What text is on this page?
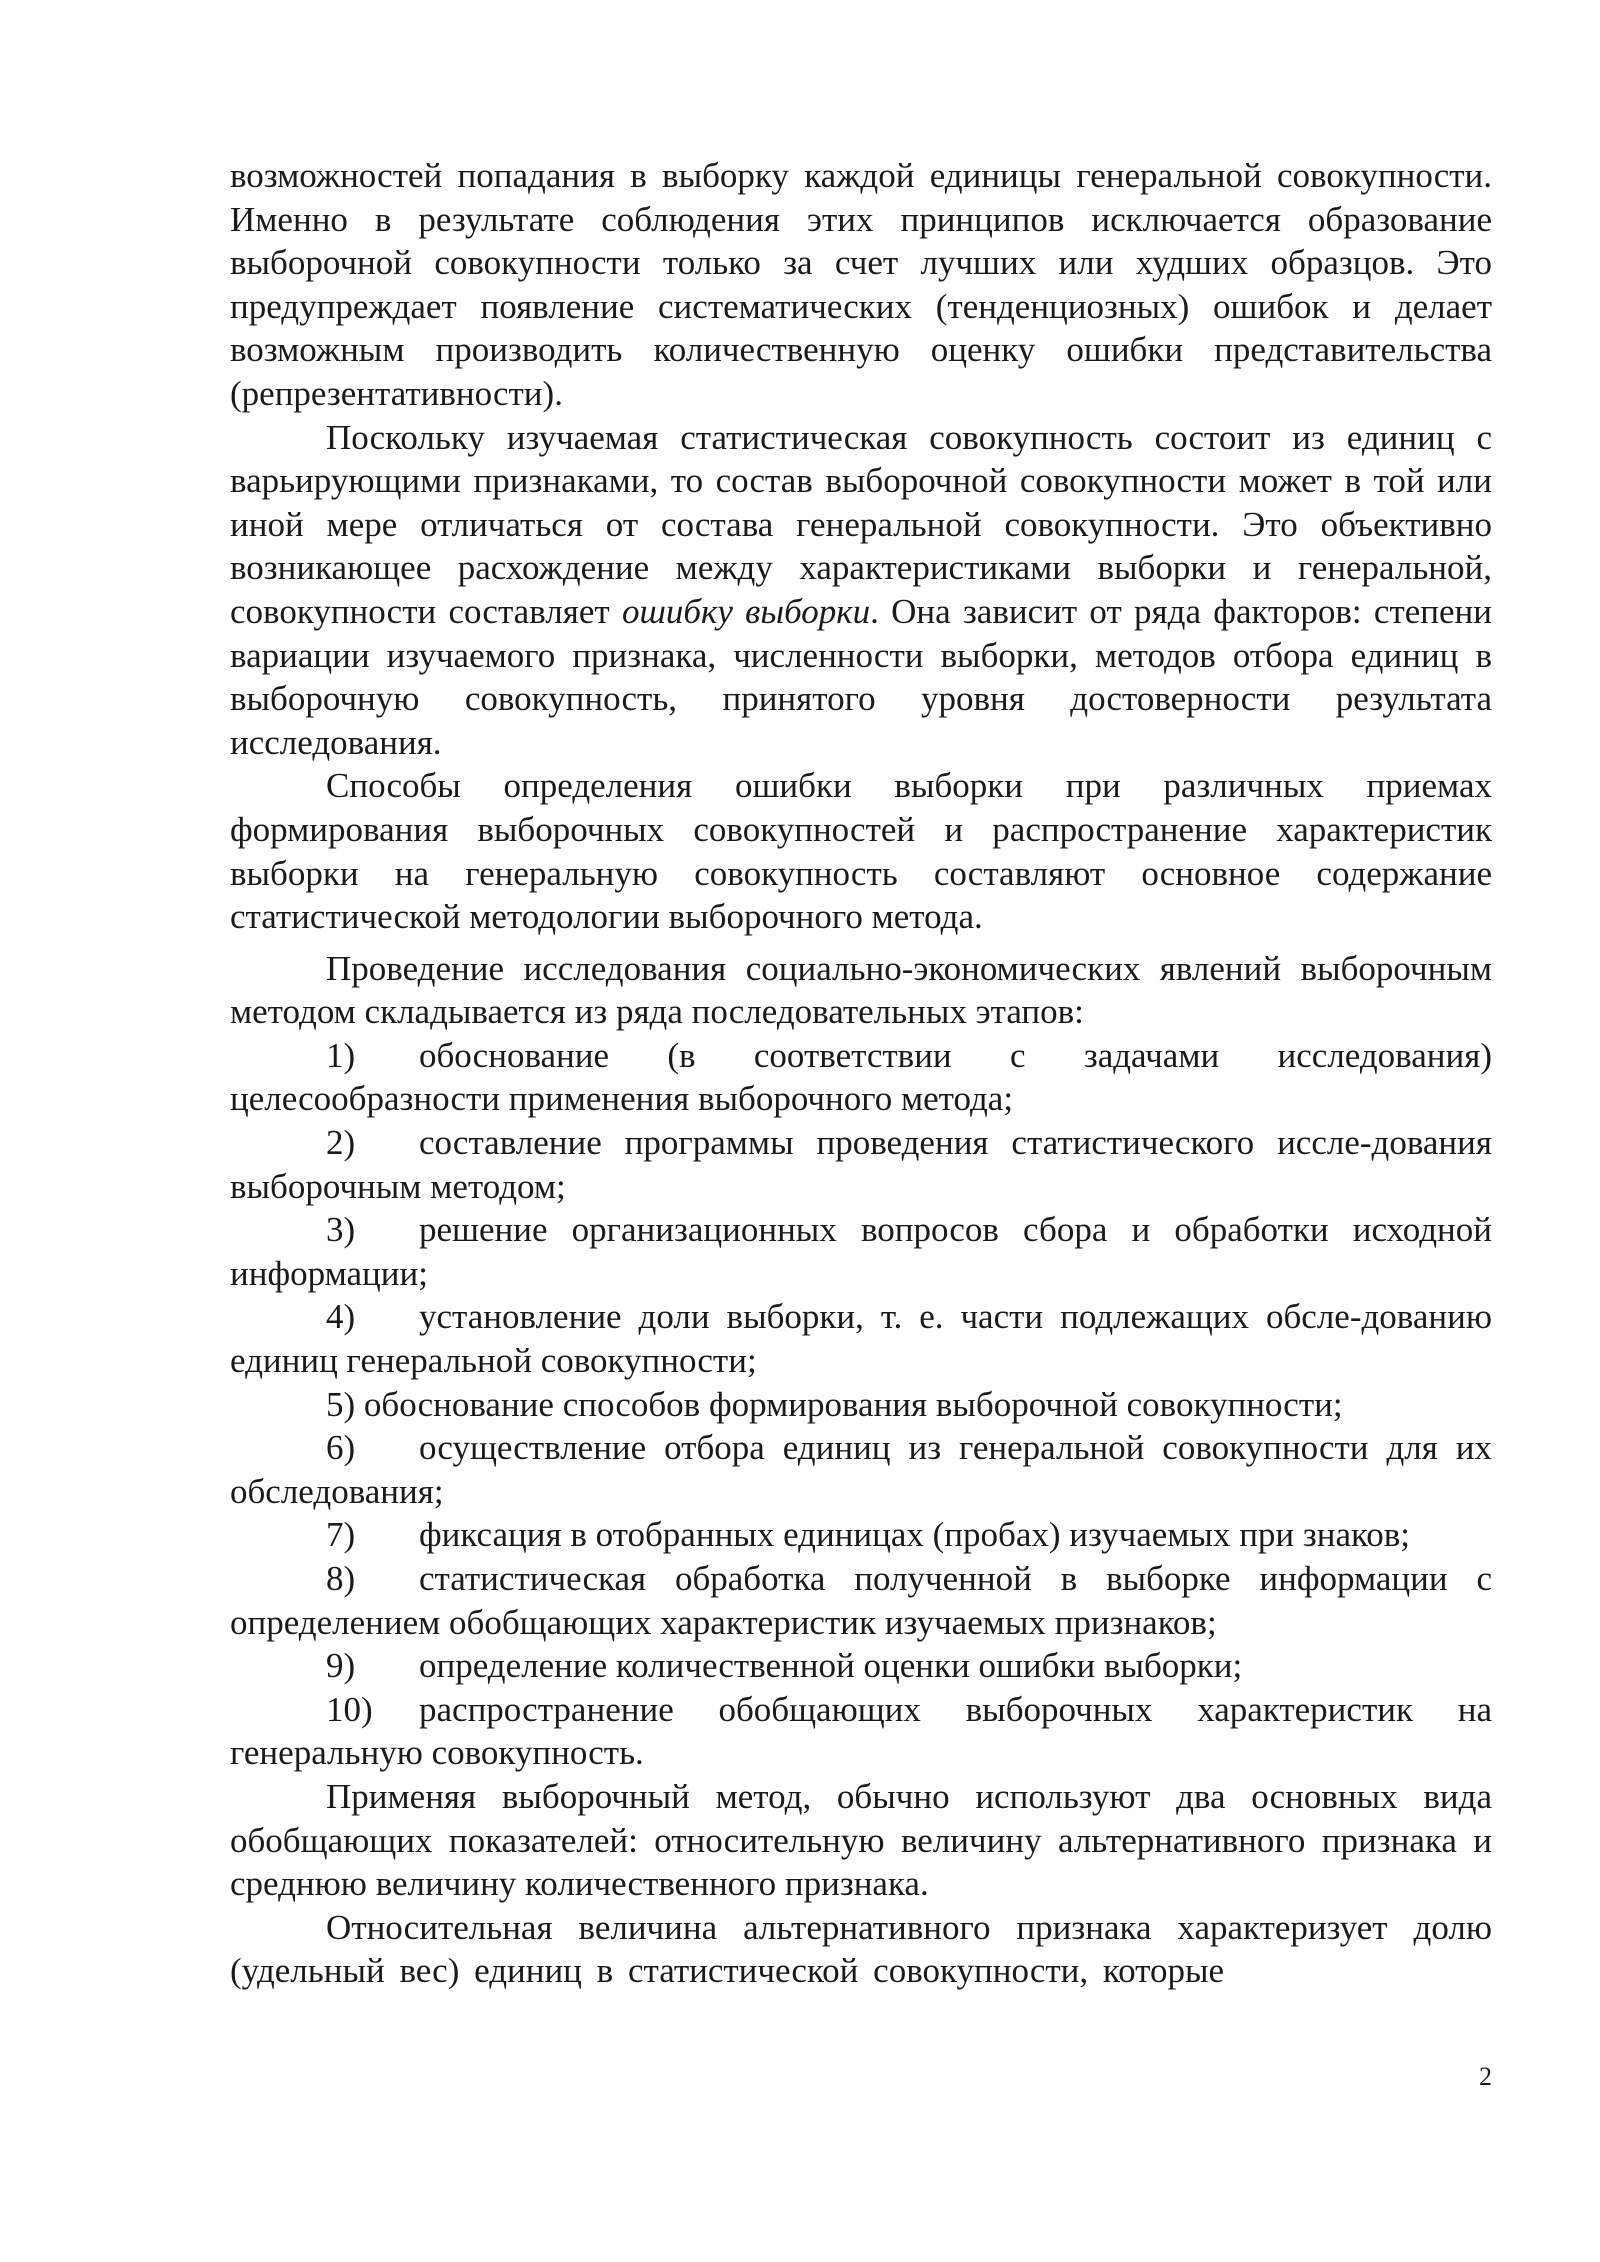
возможностей попадания в выборку каждой единицы генеральной совокупности. Именно в результате соблюдения этих принципов исключается образование выборочной совокупности только за счет лучших или худших образцов. Это предупреждает появление систематических (тенденциозных) ошибок и делает возможным производить количественную оценку ошибки представительства (репрезентативности).

Поскольку изучаемая статистическая совокупность состоит из единиц с варьирующими признаками, то состав выборочной совокупности может в той или иной мере отличаться от состава генеральной совокупности. Это объективно возникающее расхождение между характеристиками выборки и генеральной, совокупности составляет ошибку выборки. Она зависит от ряда факторов: степени вариации изучаемого признака, численности выборки, методов отбора единиц в выборочную совокупность, принятого уровня достоверности результата исследования.

Способы определения ошибки выборки при различных приемах формирования выборочных совокупностей и распространение характеристик выборки на генеральную совокупность составляют основное содержание статистической методологии выборочного метода.

Проведение исследования социально-экономических явлений выборочным методом складывается из ряда последовательных этапов:

1) обоснование (в соответствии с задачами исследования) целесообразности применения выборочного метода;

2) составление программы проведения статистического иссле-дования выборочным методом;

3) решение организационных вопросов сбора и обработки исходной информации;

4) установление доли выборки, т. е. части подлежащих обсле-дованию единиц генеральной совокупности;

5) обоснование способов формирования выборочной совокупности;

6) осуществление отбора единиц из генеральной совокупности для их обследования;

7) фиксация в отобранных единицах (пробах) изучаемых при знаков;

8) статистическая обработка полученной в выборке информации с определением обобщающих характеристик изучаемых признаков;

9) определение количественной оценки ошибки выборки;

10) распространение обобщающих выборочных характеристик на генеральную совокупность.

Применяя выборочный метод, обычно используют два основных вида обобщающих показателей: относительную величину альтернативного признака и среднюю величину количественного признака.

Относительная величина альтернативного признака характеризует долю (удельный вес) единиц в статистической совокупности, которые

2
